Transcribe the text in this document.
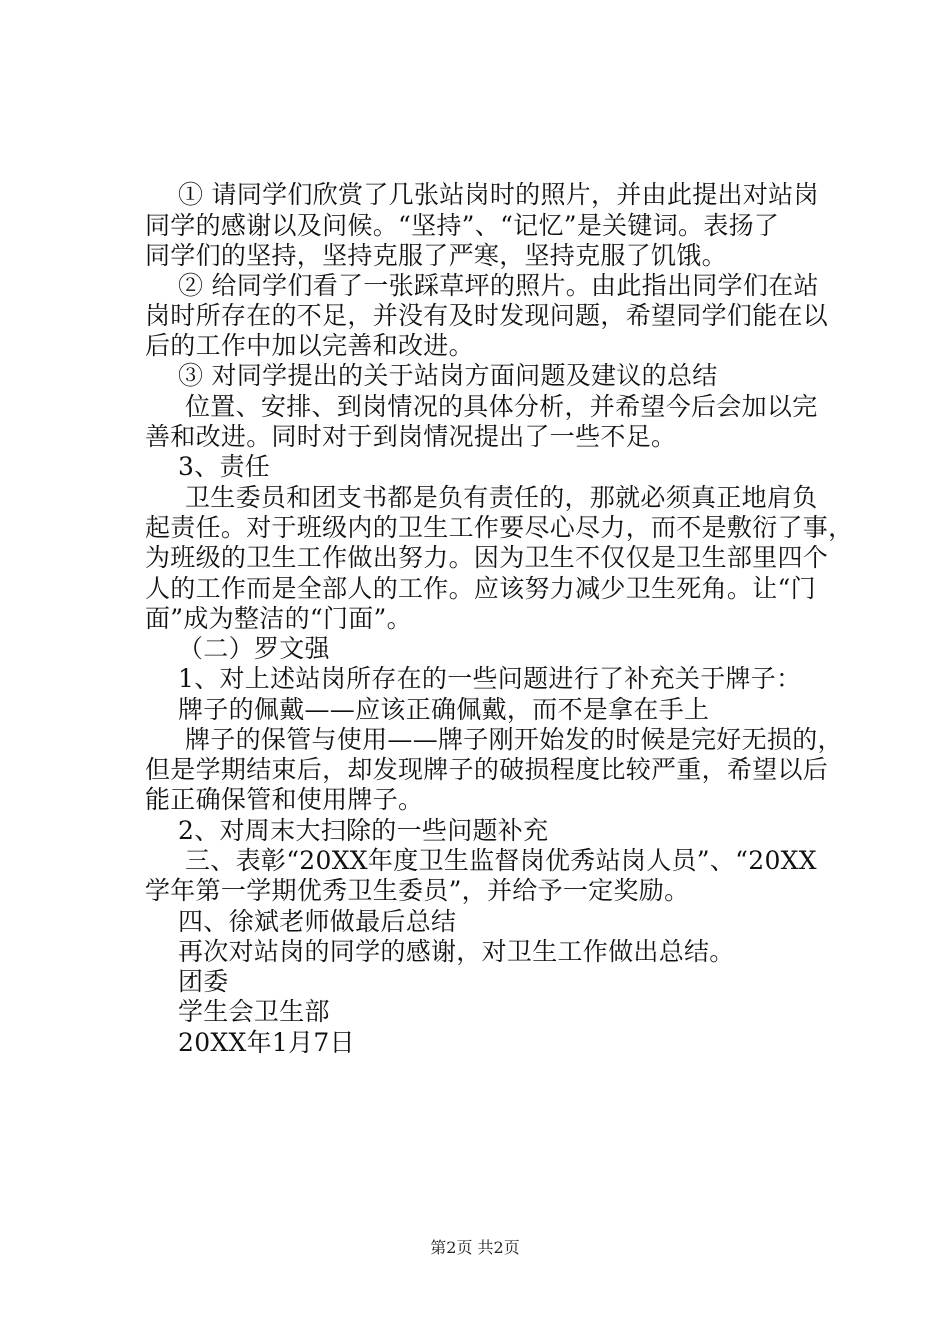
① 请同学们欣赏了几张站岗时的照片，并由此提出对站岗
同学的感谢以及问候。“坚持”、“记忆”是关键词。表扬了
同学们的坚持，坚持克服了严寒，坚持克服了饥饿。
② 给同学们看了一张踩草坪的照片。由此指出同学们在站
岗时所存在的不足，并没有及时发现问题，希望同学们能在以
后的工作中加以完善和改进。
③ 对同学提出的关于站岗方面问题及建议的总结
位置、安排、到岗情况的具体分析，并希望今后会加以完
善和改进。同时对于到岗情况提出了一些不足。
3、责任
卫生委员和团支书都是负有责任的，那就必须真正地肩负
起责任。对于班级内的卫生工作要尽心尽力，而不是敷衍了事，
为班级的卫生工作做出努力。因为卫生不仅仅是卫生部里四个
人的工作而是全部人的工作。应该努力减少卫生死角。让“门
面”成为整洁的“门面”。
（二）罗文强
1、对上述站岗所存在的一些问题进行了补充关于牌子：
牌子的佩戴——应该正确佩戴，而不是拿在手上
牌子的保管与使用——牌子刚开始发的时候是完好无损的，
但是学期结束后，却发现牌子的破损程度比较严重，希望以后
能正确保管和使用牌子。
2、对周末大扫除的一些问题补充
三、表彰“20XX年度卫生监督岗优秀站岗人员”、“20XX
学年第一学期优秀卫生委员”，并给予一定奖励。
四、徐斌老师做最后总结
再次对站岗的同学的感谢，对卫生工作做出总结。
团委
学生会卫生部
20XX年1月7日
第2页 共2页
